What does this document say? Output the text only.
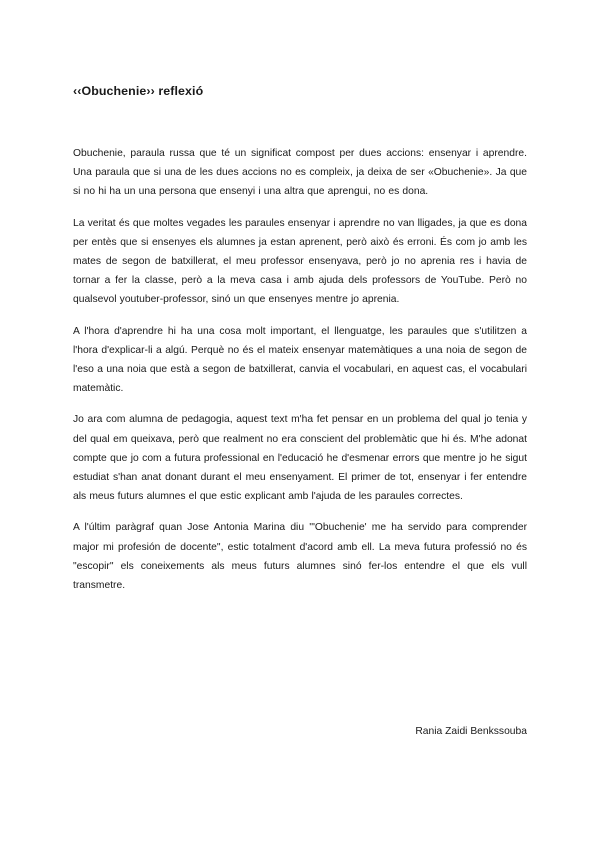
‹‹Obuchenie›› reflexió

Obuchenie, paraula russa que té un significat compost per dues accions: ensenyar i aprendre. Una paraula que si una de les dues accions no es compleix, ja deixa de ser «Obuchenie». Ja que si no hi ha un una persona que ensenyi i una altra que aprengui, no es dona.

La veritat és que moltes vegades les paraules ensenyar i aprendre no van lligades, ja que es dona per entès que si ensenyes els alumnes ja estan aprenent, però això és erroni. És com jo amb les mates de segon de batxillerat, el meu professor ensenyava, però jo no aprenia res i havia de tornar a fer la classe, però a la meva casa i amb ajuda dels professors de YouTube. Però no qualsevol youtuber-professor, sinó un que ensenyes mentre jo aprenia.

A l'hora d'aprendre hi ha una cosa molt important, el llenguatge, les paraules que s'utilitzen a l'hora d'explicar-li a algú. Perquè no és el mateix ensenyar matemàtiques a una noia de segon de l'eso a una noia que està a segon de batxillerat, canvia el vocabulari, en aquest cas, el vocabulari matemàtic.

Jo ara com alumna de pedagogia, aquest text m'ha fet pensar en un problema del qual jo tenia y del qual em queixava, però que realment no era conscient del problemàtic que hi és. M'he adonat compte que jo com a futura professional en l'educació he d'esmenar errors que mentre jo he sigut estudiat s'han anat donant durant el meu ensenyament. El primer de tot, ensenyar i fer entendre als meus futurs alumnes el que estic explicant amb l'ajuda de les paraules correctes.

A l'últim paràgraf quan Jose Antonia Marina diu '"Obuchenie' me ha servido para comprender major mi profesión de docente", estic totalment d'acord amb ell. La meva futura professió no és "escopir" els coneixements als meus futurs alumnes sinó fer-los entendre el que els vull transmetre.

Rania Zaidi Benkssouba
